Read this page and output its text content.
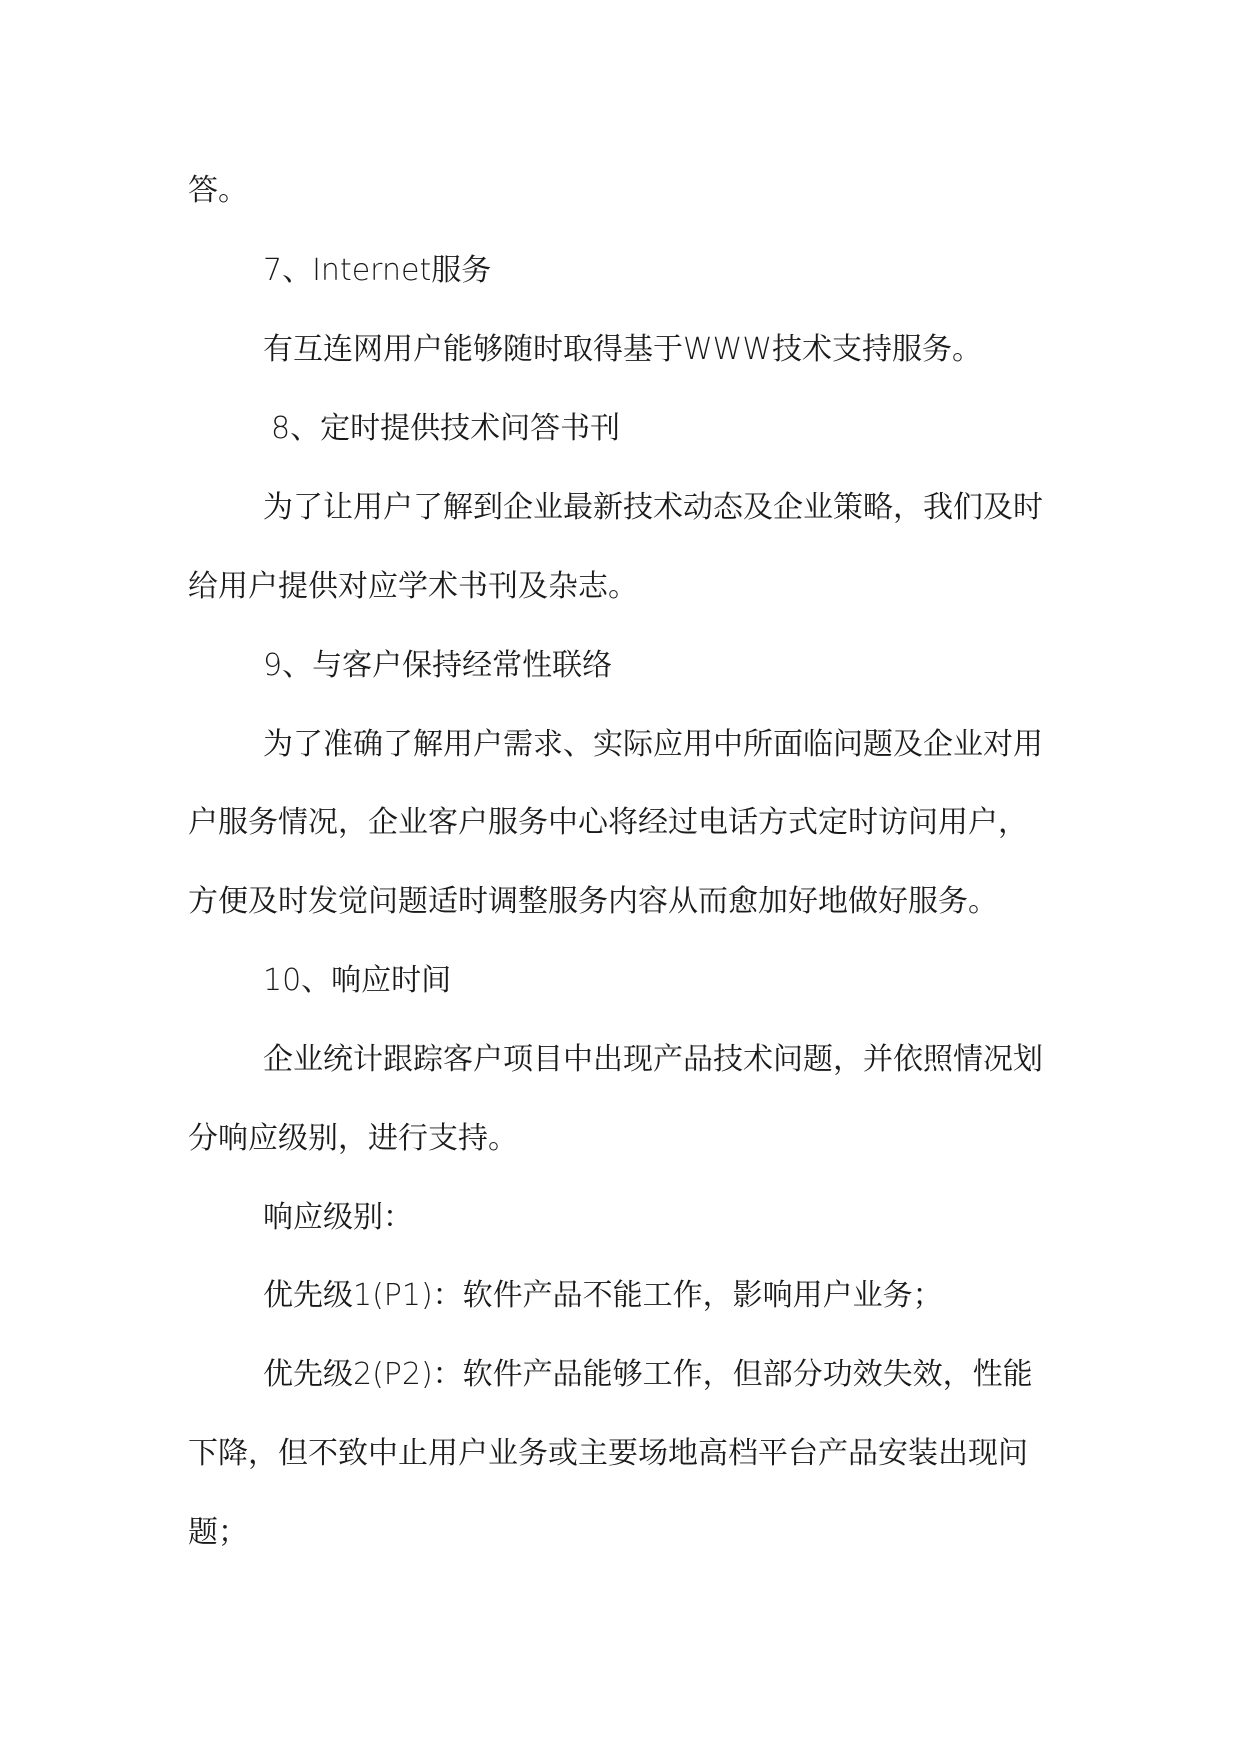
答。
7、Internet服务
有互连网用户能够随时取得基于WWW技术支持服务。
8、定时提供技术问答书刊
为了让用户了解到企业最新技术动态及企业策略，我们及时
给用户提供对应学术书刊及杂志。
9、与客户保持经常性联络
为了准确了解用户需求、实际应用中所面临问题及企业对用
户服务情况，企业客户服务中心将经过电话方式定时访问用户，
方便及时发觉问题适时调整服务内容从而愈加好地做好服务。
10、响应时间
企业统计跟踪客户项目中出现产品技术问题，并依照情况划
分响应级别，进行支持。
响应级别：
优先级1(P1)：软件产品不能工作，影响用户业务；
优先级2(P2)：软件产品能够工作，但部分功效失效，性能
下降，但不致中止用户业务或主要场地高档平台产品安装出现问
题；
